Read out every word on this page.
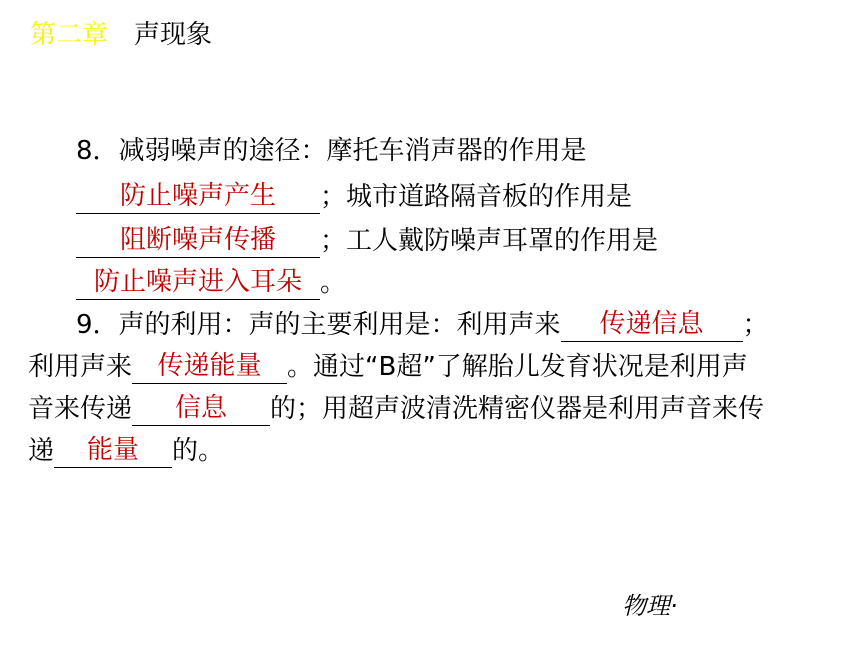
第二章 声现象
8．减弱噪声的途径：摩托车消声器的作用是
防止噪声产生	；城市道路隔音板的作用是
阻断噪声传播	；工人戴防噪声耳罩的作用是
防止噪声进入耳朵 。
9．声的利用：声的主要利用是：利用声来	传递信息	；
利用声来 传递能量 。通过“B超”了解胎儿发育状况是利用声
音来传递	信息	的；用超声波清洗精密仪器是利用声音来传
递	能量	的。
物理·
